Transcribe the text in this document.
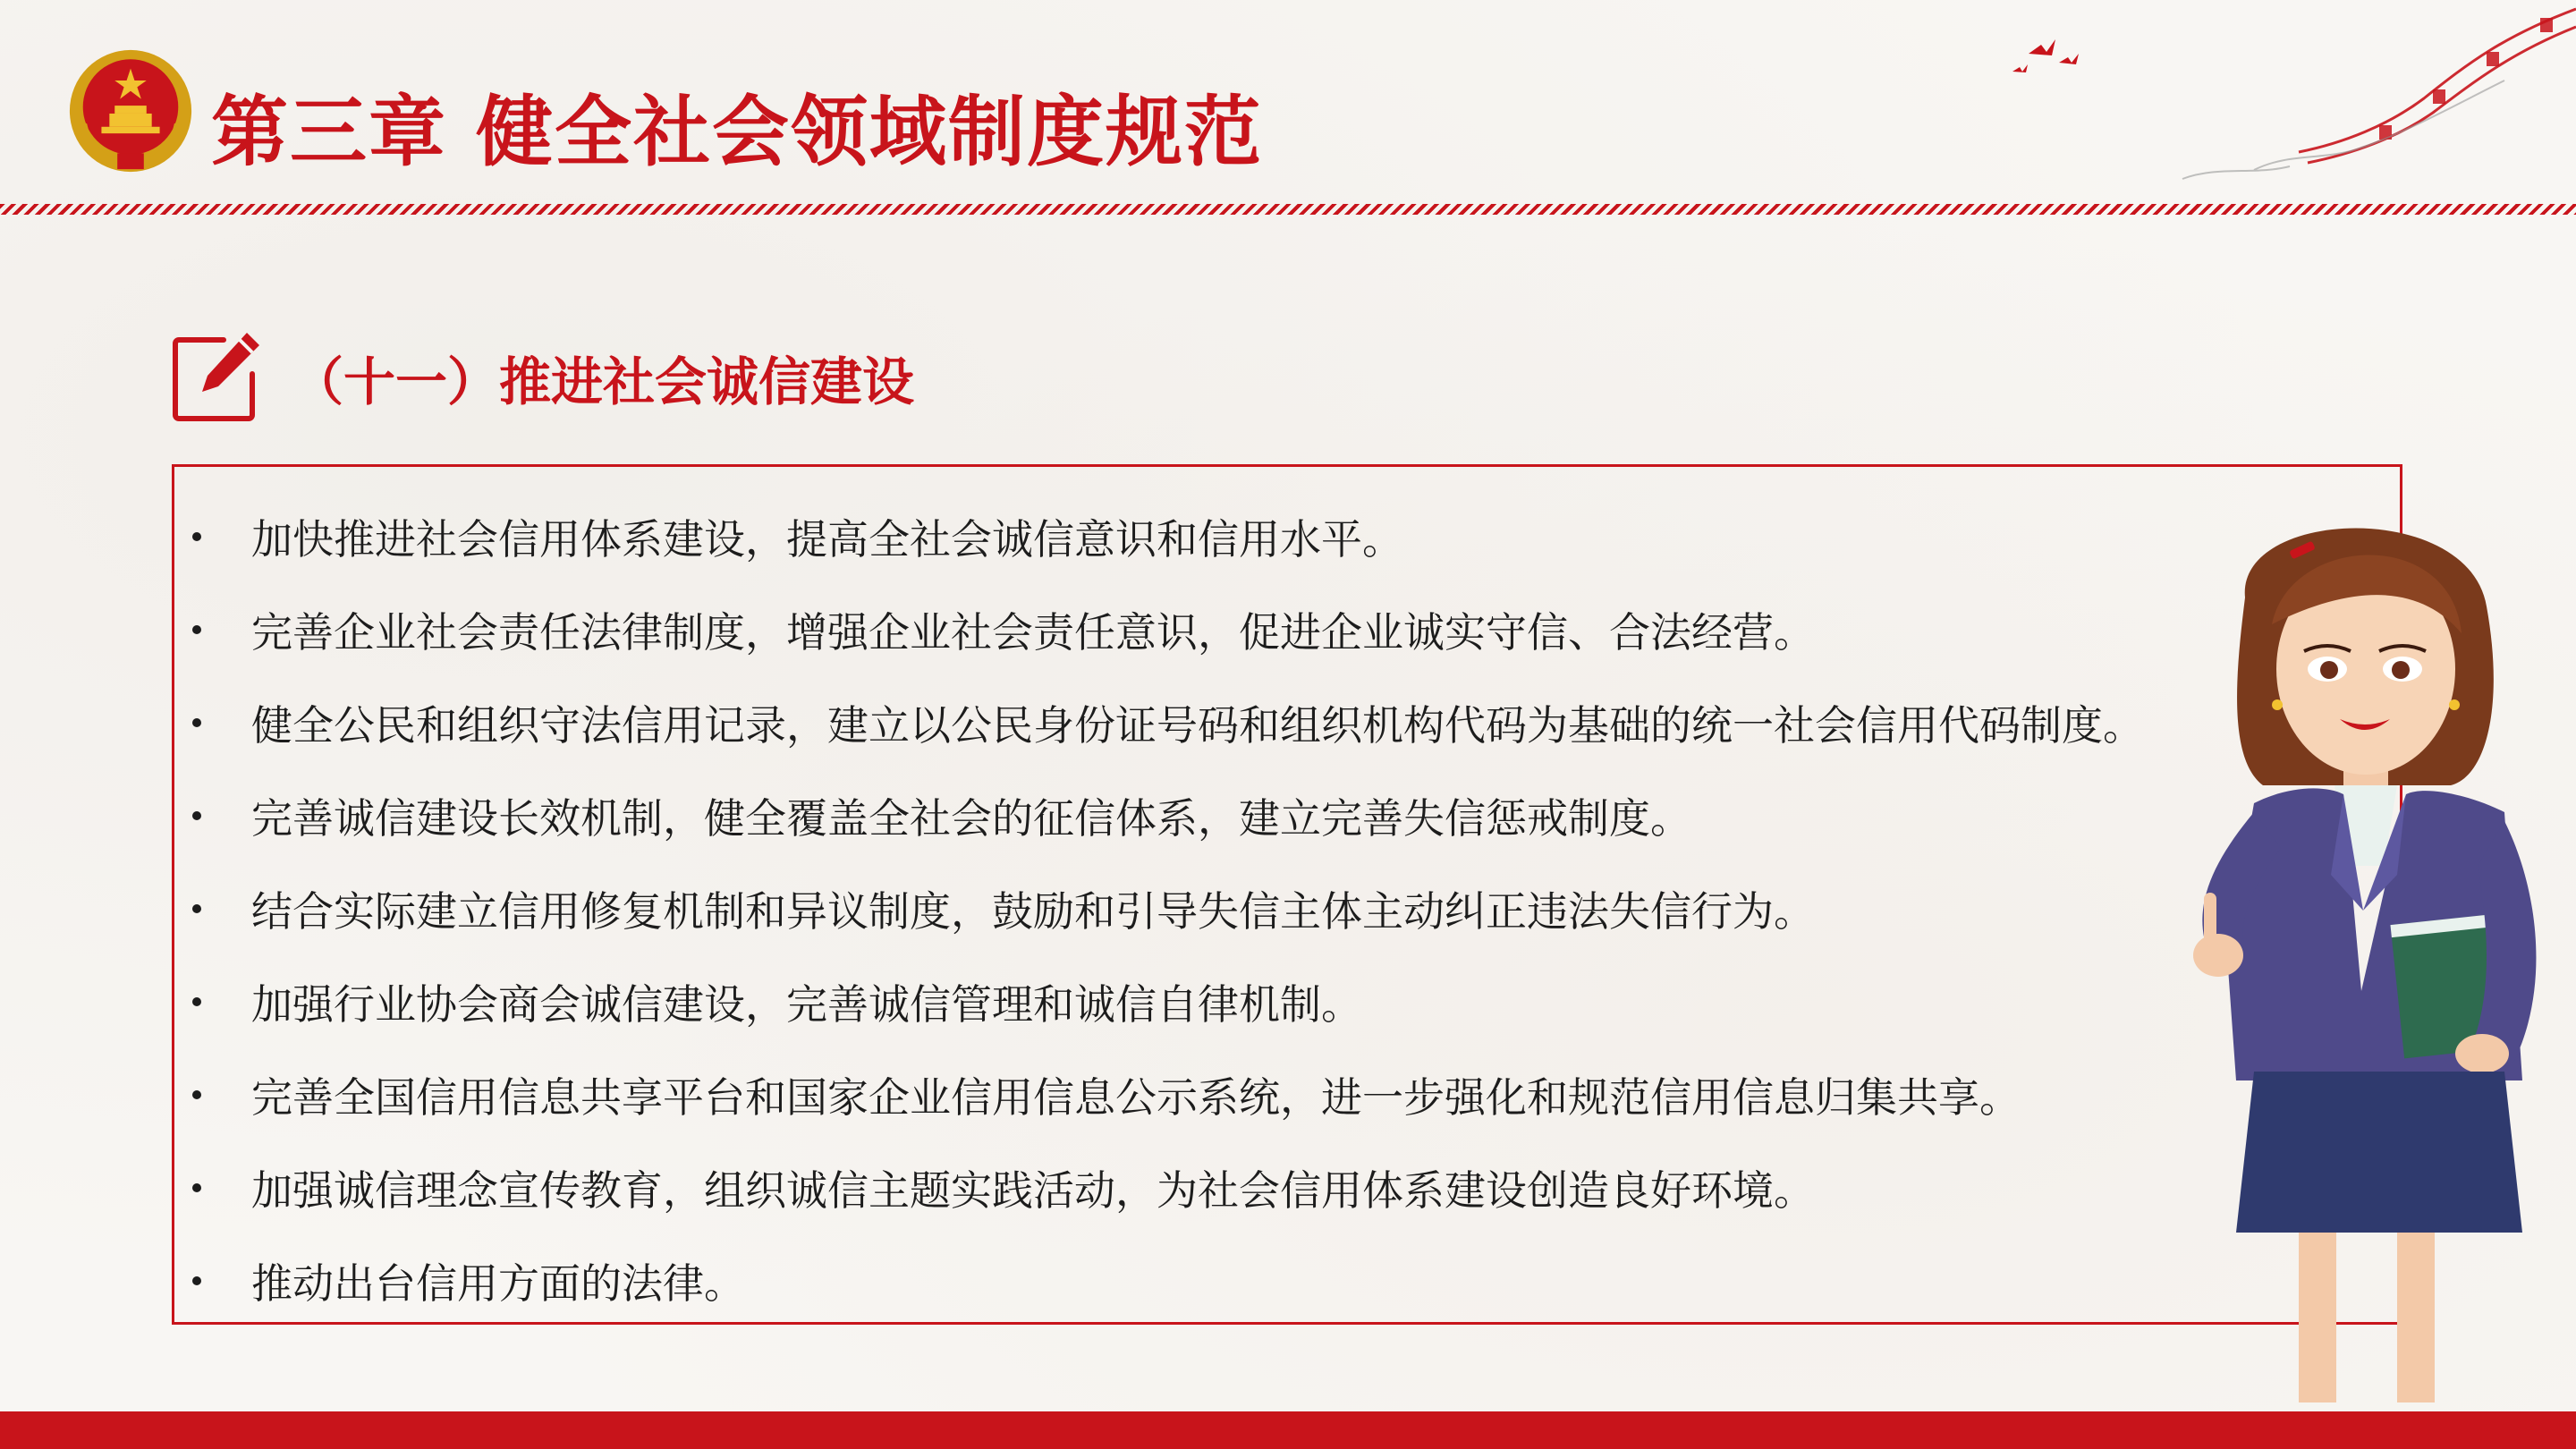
第三章 健全社会领域制度规范
（十一）推进社会诚信建设
加快推进社会信用体系建设，提高全社会诚信意识和信用水平。
完善企业社会责任法律制度，增强企业社会责任意识，促进企业诚实守信、合法经营。
健全公民和组织守法信用记录，建立以公民身份证号码和组织机构代码为基础的统一社会信用代码制度。
完善诚信建设长效机制，健全覆盖全社会的征信体系，建立完善失信惩戒制度。
结合实际建立信用修复机制和异议制度，鼓励和引导失信主体主动纠正违法失信行为。
加强行业协会商会诚信建设，完善诚信管理和诚信自律机制。
完善全国信用信息共享平台和国家企业信用信息公示系统，进一步强化和规范信用信息归集共享。
加强诚信理念宣传教育，组织诚信主题实践活动，为社会信用体系建设创造良好环境。
推动出台信用方面的法律。
